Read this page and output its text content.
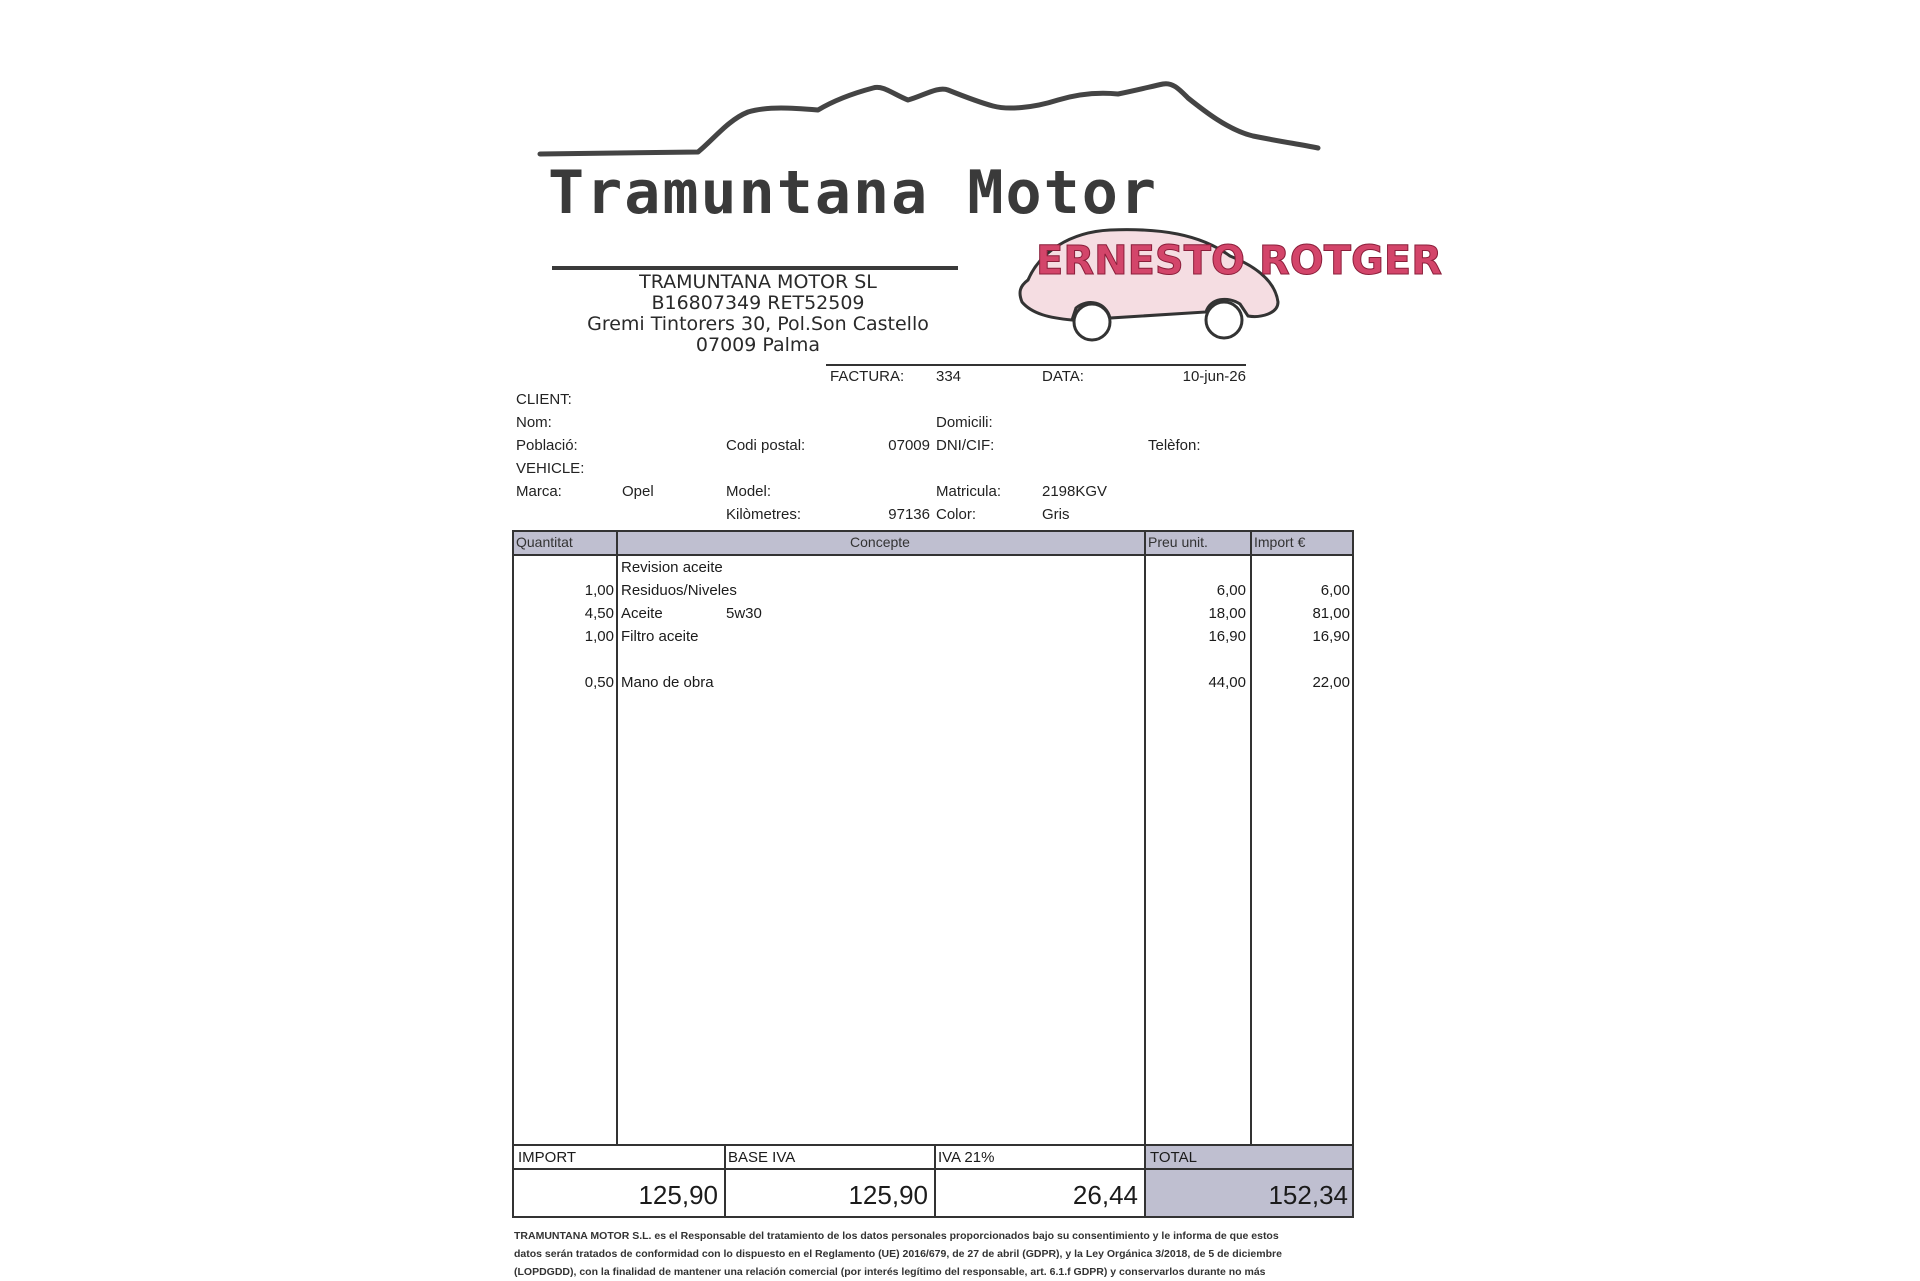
Tramuntana Motor
ERNESTO ROTGER
TRAMUNTANA MOTOR SL
B16807349 RET52509
Gremi Tintorers 30, Pol.Son Castello
07009 Palma
FACTURA: 334	DATA:	10-jun-26
CLIENT:
Nom:	Domicili:
Població:	Codi postal:	07009 DNI/CIF:	Telèfon:
VEHICLE:
Marca:	Opel	Model:	Matricula:	2198KGV
Kilòmetres:	97136 Color:	Gris
Quantitat	Concepte	Preu unit.	Import €
Revision aceite
1,00 Residuos/Niveles	6,00	6,00
4,50 Aceite	5w30	18,00	81,00
1,00 Filtro aceite	16,90	16,90
0,50 Mano de obra	44,00	22,00
IMPORT	BASE IVA	IVA 21%	TOTAL
125,90	125,90	26,44	152,34
TRAMUNTANA MOTOR S.L. es el Responsable del tratamiento de los datos personales proporcionados bajo su consentimiento y le informa de que estos
datos serán tratados de conformidad con lo dispuesto en el Reglamento (UE) 2016/679, de 27 de abril (GDPR), y la Ley Orgánica 3/2018, de 5 de diciembre
(LOPDGDD), con la finalidad de mantener una relación comercial (por interés legítimo del responsable, art. 6.1.f GDPR) y conservarlos durante no más
